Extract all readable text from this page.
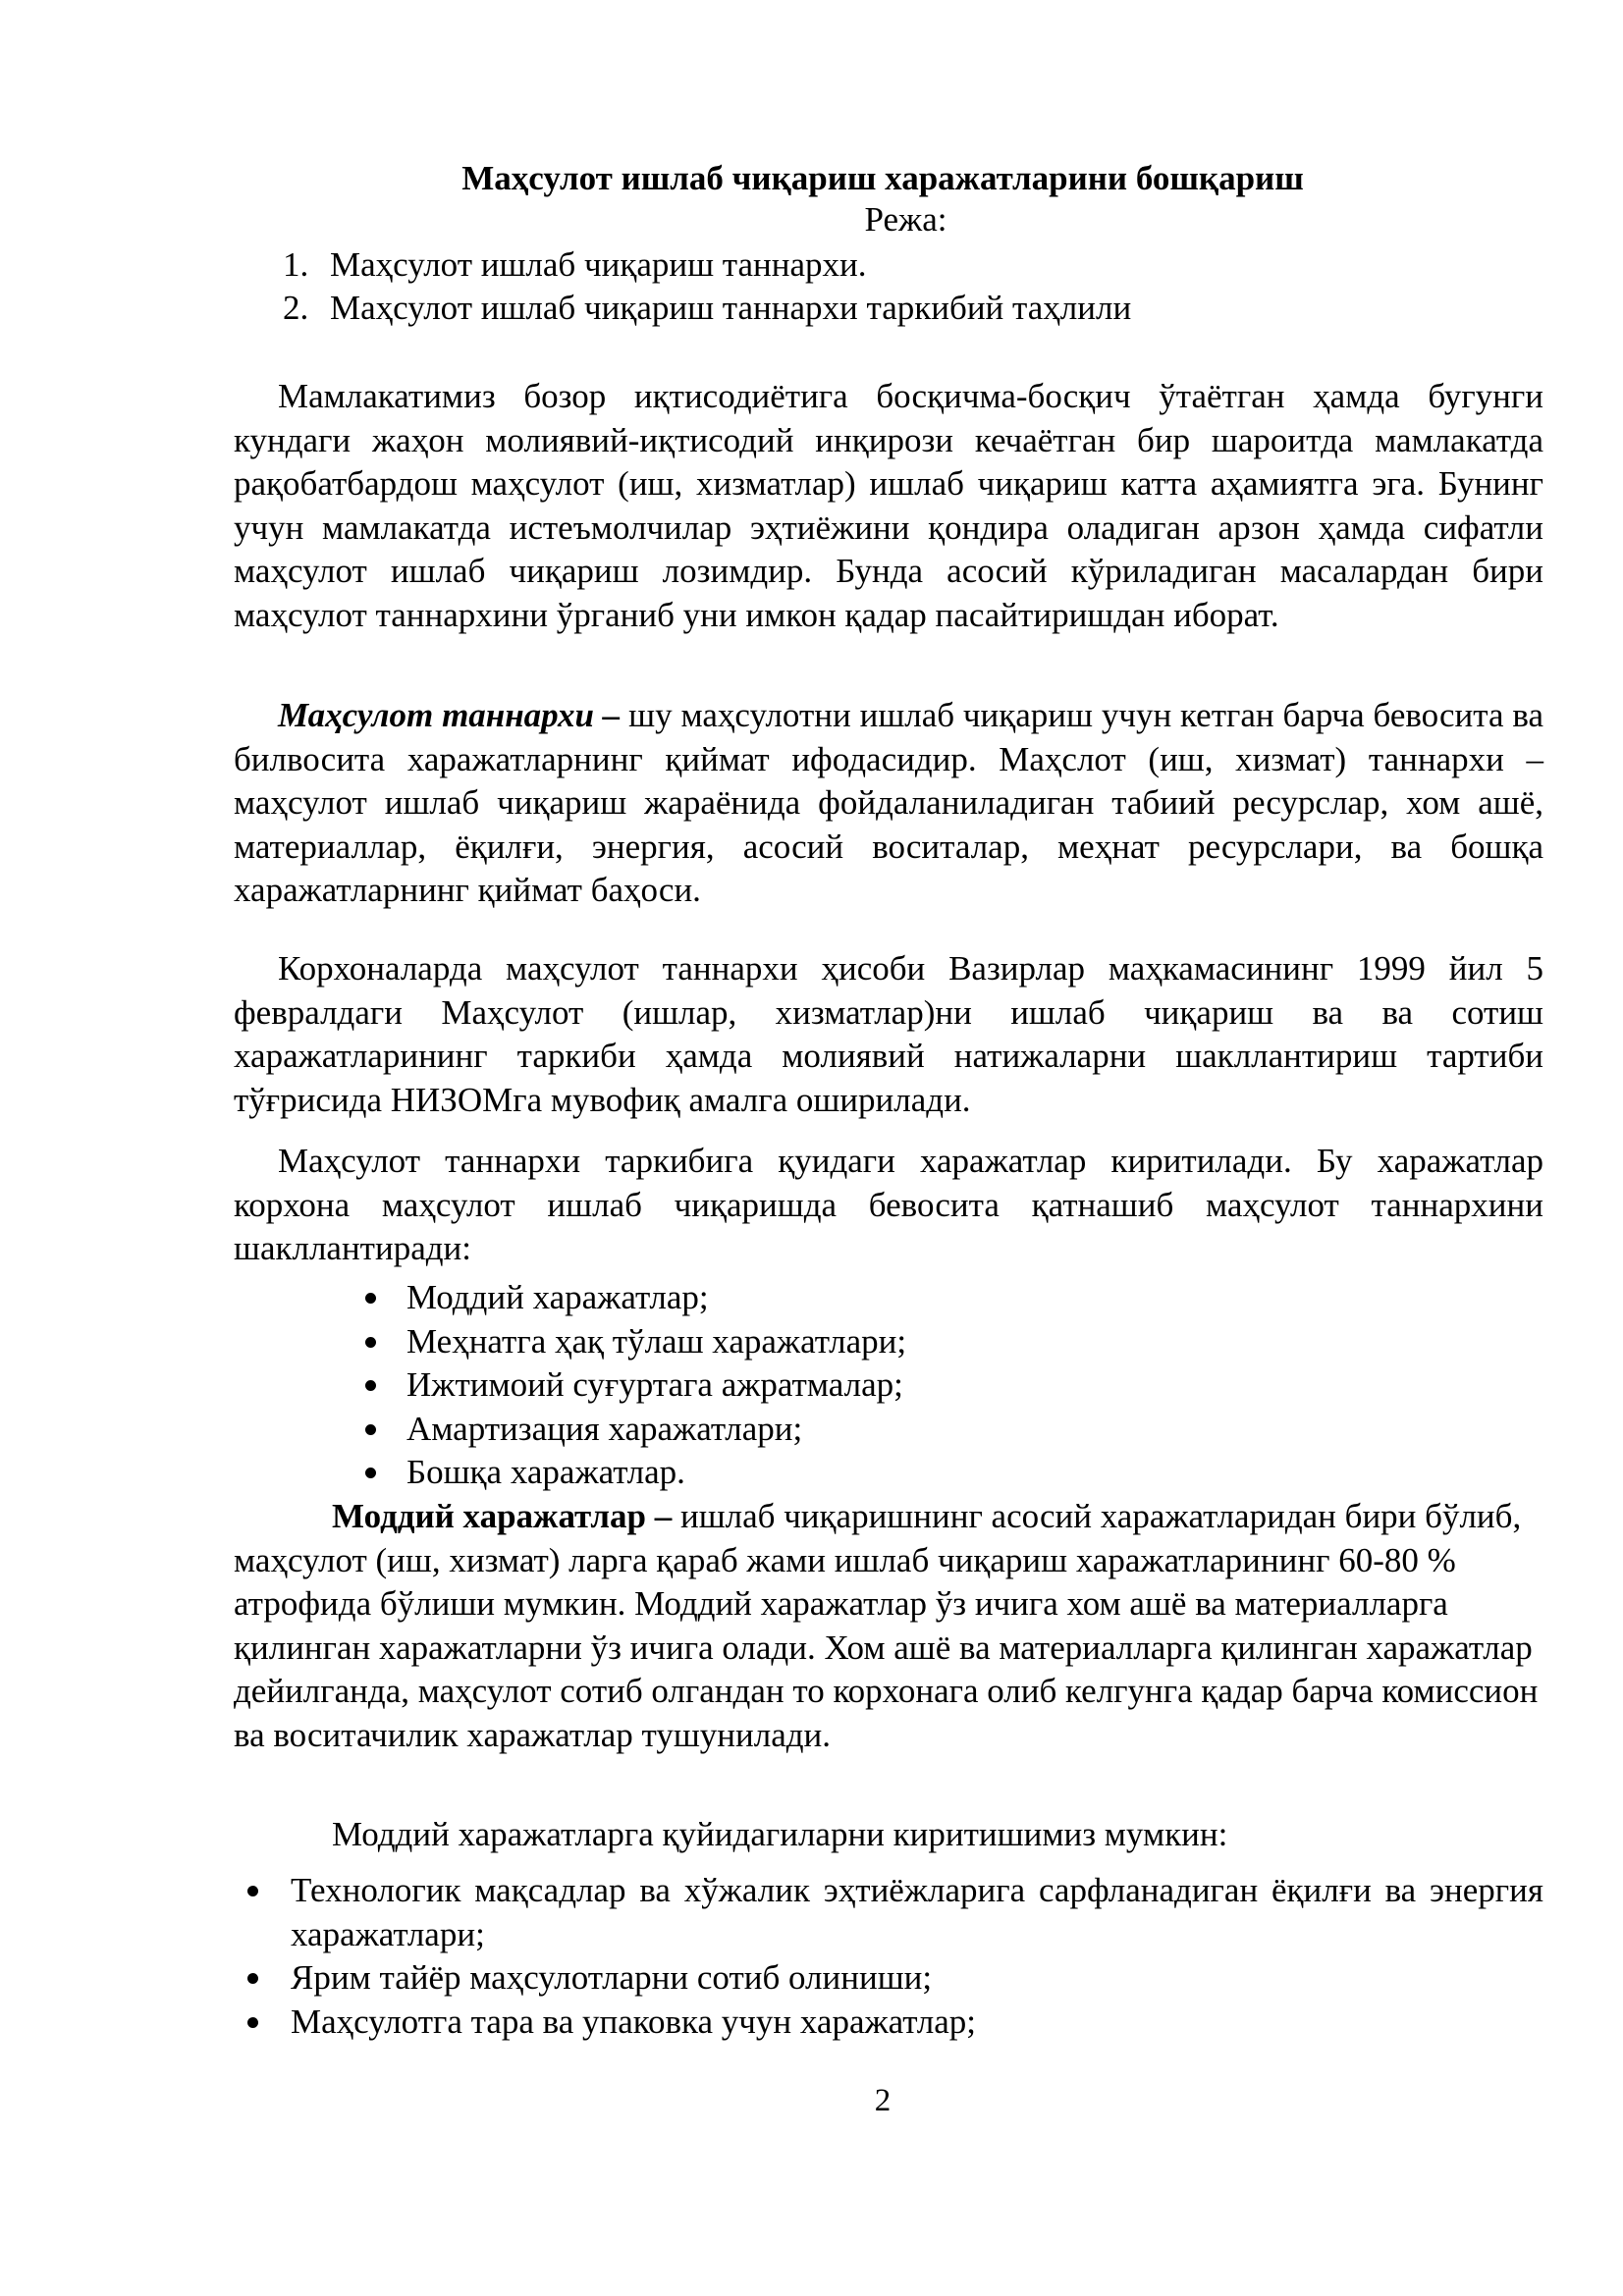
Маҳсулот ишлаб чиқариш харажатларини бошқариш
Режа:
1. Маҳсулот ишлаб чиқариш таннархи.
2. Маҳсулот ишлаб чиқариш таннархи таркибий таҳлили

Мамлакатимиз бозор иқтисодиётига босқичма-босқич ўтаётган ҳамда бугунги кундаги жаҳон молиявий-иқтисодий инқирози кечаётган бир шароитда мамлакатда рақобатбардош маҳсулот (иш, хизматлар) ишлаб чиқариш катта аҳамиятга эга. Бунинг учун мамлакатда истеъмолчилар эҳтиёжини қондира оладиган арзон ҳамда сифатли маҳсулот ишлаб чиқариш лозимдир. Бунда асосий кўриладиган масалардан бири маҳсулот таннархини ўрганиб уни имкон қадар пасайтиришдан иборат.

Маҳсулот таннархи – шу маҳсулотни ишлаб чиқариш учун кетган барча бевосита ва билвосита харажатларнинг қиймат ифодасидир. Маҳслот (иш, хизмат) таннархи – маҳсулот ишлаб чиқариш жараёнида фойдаланиладиган табиий ресурслар, хом ашё, материаллар, ёқилғи, энергия, асосий воситалар, меҳнат ресурслари, ва бошқа харажатларнинг қиймат баҳоси.

Корхоналарда маҳсулот таннархи ҳисоби Вазирлар маҳкамасининг 1999 йил 5 февралдаги Маҳсулот (ишлар, хизматлар)ни ишлаб чиқариш ва ва сотиш харажатларининг таркиби ҳамда молиявий натижаларни шакллантириш тартиби тўғрисида НИЗОМга мувофиқ амалга оширилади.

Маҳсулот таннархи таркибига қуидаги харажатлар киритилади. Бу харажатлар корхона маҳсулот ишлаб чиқаришда бевосита қатнашиб маҳсулот таннархини шакллантиради:

Моддий харажатлар;
Меҳнатга ҳақ тўлаш харажатлари;
Ижтимоий суғуртага ажратмалар;
Амартизация харажатлари;
Бошқа харажатлар.

Моддий харажатлар – ишлаб чиқаришнинг асосий харажатларидан бири бўлиб, маҳсулот (иш, хизмат) ларга қараб жами ишлаб чиқариш харажатларининг 60-80 % атрофида бўлиши мумкин. Моддий харажатлар ўз ичига хом ашё ва материалларга қилинган харажатларни ўз ичига олади. Хом ашё ва материалларга қилинган харажатлар дейилганда, маҳсулот сотиб олгандан то корхонага олиб келгунга қадар барча комиссион ва воситачилик харажатлар тушунилади.

Моддий харажатларга қуйидагиларни киритишимиз мумкин:

Технологик мақсадлар ва хўжалик эҳтиёжларига сарфланадиган ёқилғи ва энергия харажатлари;
Ярим тайёр маҳсулотларни сотиб олиниши;
Маҳсулотга тара ва упаковка учун харажатлар;
2
